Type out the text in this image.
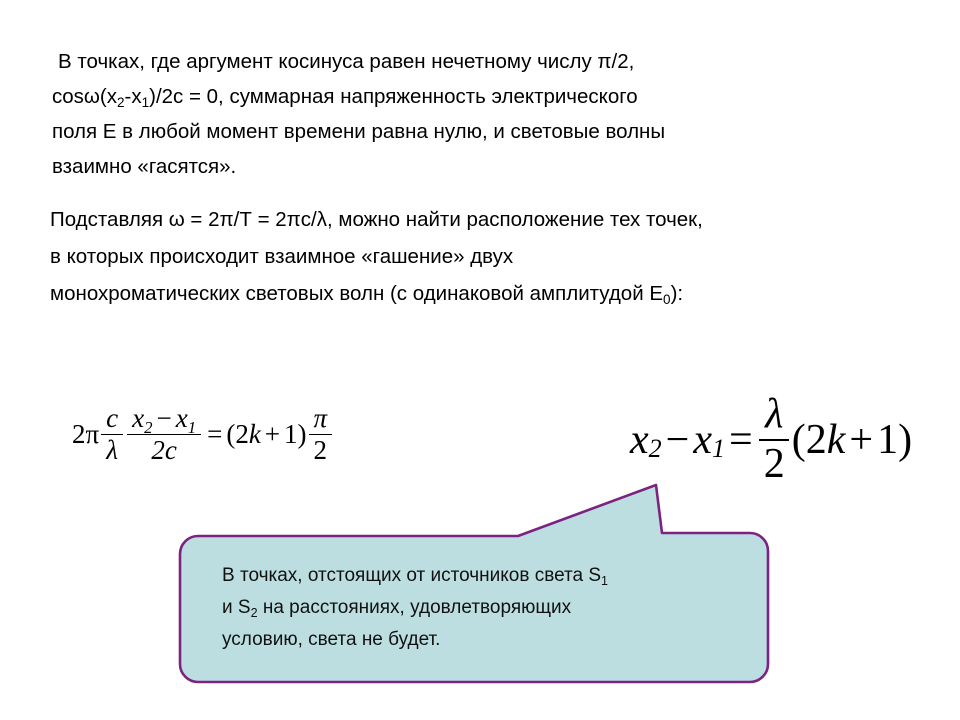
В точках, где аргумент косинуса равен нечетному числу π/2,
$\cos\omega(x_2-x_1)/2c = 0$, суммарная напряженность электрического
поля Е в любой момент времени равна нулю, и световые волны
взаимно «гасятся».
Подставляя ω = 2π/Т = 2πс/λ, можно найти расположение тех точек,
в которых происходит взаимное «гашение» двух
монохроматических световых волн (с одинаковой амплитудой $Е_0$):
2 π $\frac{c}{\lambda} \frac{x_2 - x_1}{2c}$ = ( 2 k + 1 ) $\frac{\pi}{2}$	x 2 − x $1 = \frac{\lambda}{2}$ ( 2 k + 1 )
В точках, отстоящих от источников света $S_1$
и $S_2$ на расстояниях, удовлетворяющих
условию, света не будет.
